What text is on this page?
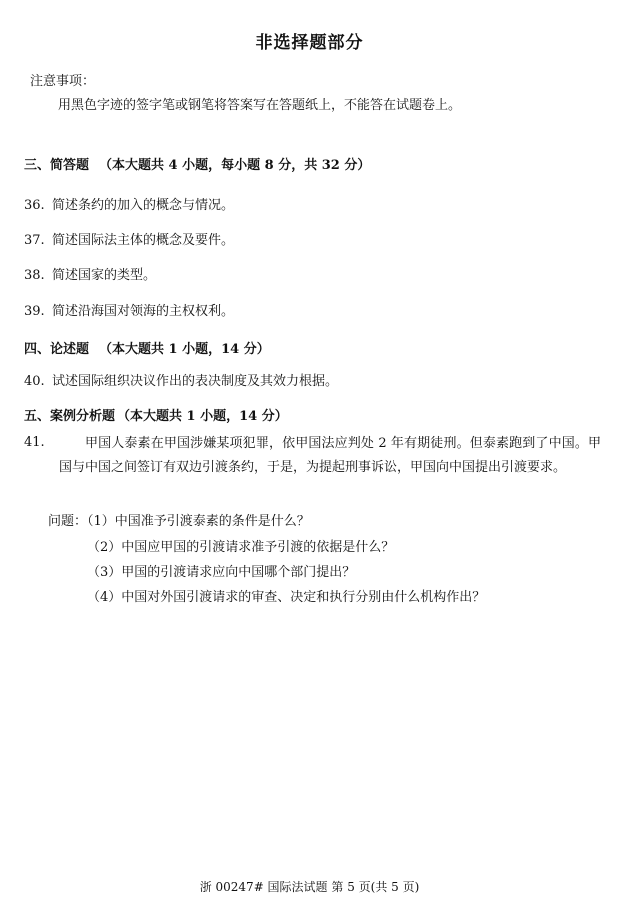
非选择题部分
注意事项：
用黑色字迹的签字笔或钢笔将答案写在答题纸上，不能答在试题卷上。
三、简答题 （本大题共 4 小题，每小题 8 分，共 32 分）
36. 简述条约的加入的概念与情况。
37. 简述国际法主体的概念及要件。
38. 简述国家的类型。
39. 简述沿海国对领海的主权权利。
四、论述题 （本大题共 1 小题，14 分）
40. 试述国际组织决议作出的表决制度及其效力根据。
五、案例分析题 （本大题共 1 小题，14 分）
41.	甲国人泰素在甲国涉嫌某项犯罪，依甲国法应判处 2 年有期徒刑。但泰素跑到了中国。甲国与中国之间签订有双边引渡条约，于是，为提起刑事诉讼，甲国向中国提出引渡要求。
问题：（1）中国准予引渡泰素的条件是什么？
（2）中国应甲国的引渡请求准予引渡的依据是什么？
（3）甲国的引渡请求应向中国哪个部门提出？
（4）中国对外国引渡请求的审查、决定和执行分别由什么机构作出？
浙 00247# 国际法试题 第 5 页(共 5 页)
